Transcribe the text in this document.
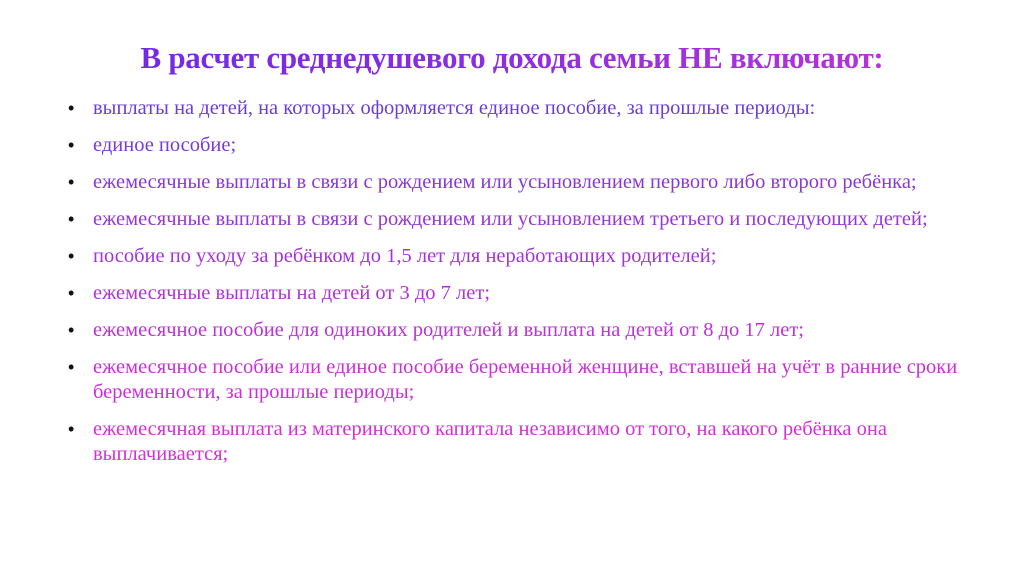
В расчет среднедушевого дохода семьи НЕ включают:
• выплаты на детей, на которых оформляется единое пособие, за прошлые периоды:
• единое пособие;
• ежемесячные выплаты в связи с рождением или усыновлением первого либо второго ребёнка;
• ежемесячные выплаты в связи с рождением или усыновлением третьего и последующих детей;
• пособие по уходу за ребёнком до 1,5 лет для неработающих родителей;
• ежемесячные выплаты на детей от 3 до 7 лет;
• ежемесячное пособие для одиноких родителей и выплата на детей от 8 до 17 лет;
• ежемесячное пособие или единое пособие беременной женщине, вставшей на учёт в ранние сроки беременности, за прошлые периоды;
• ежемесячная выплата из материнского капитала независимо от того, на какого ребёнка она выплачивается;
